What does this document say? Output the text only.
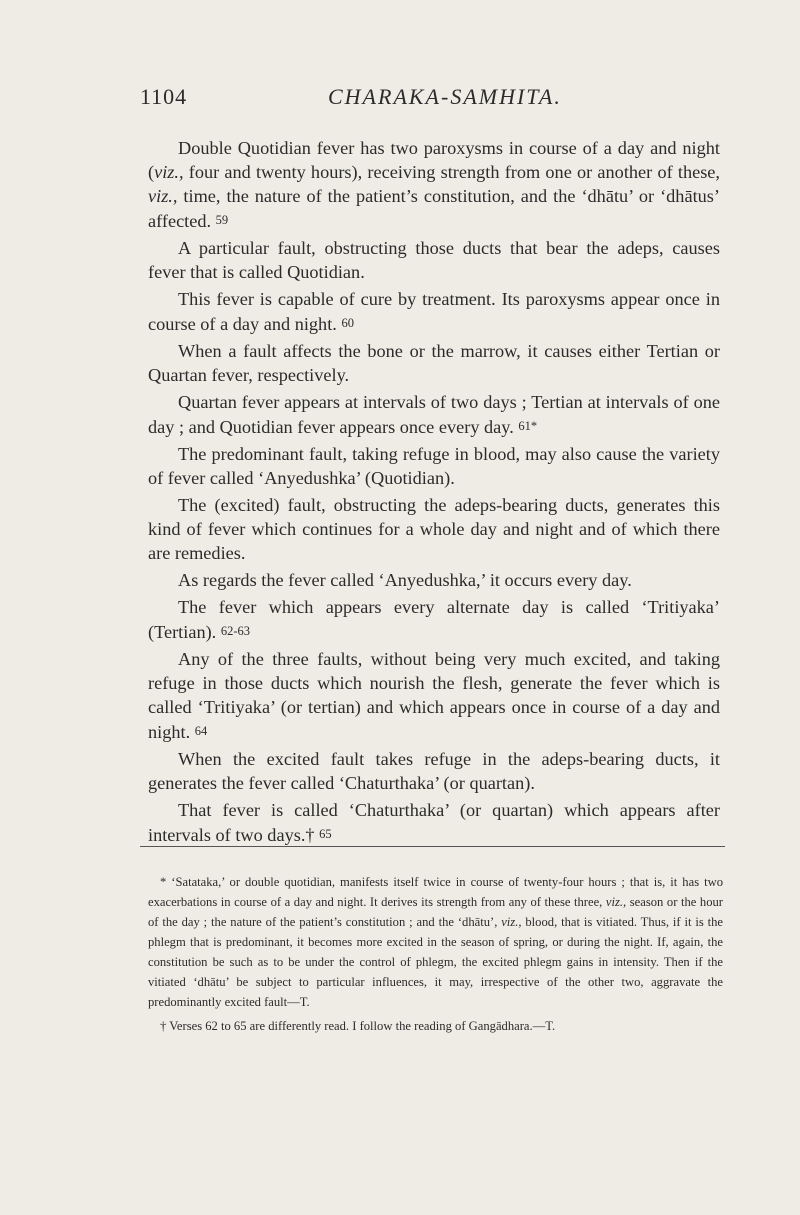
1104	CHARAKA-SAMHITA.

Double Quotidian fever has two paroxysms in course of a day and night (viz., four and twenty hours), receiving strength from one or another of these, viz., time, the nature of the patient’s constitution, and the ‘dhātu’ or ‘dhātus’ affected. 59

A particular fault, obstructing those ducts that bear the adeps, causes fever that is called Quotidian.

This fever is capable of cure by treatment. Its paroxysms appear once in course of a day and night. 60

When a fault affects the bone or the marrow, it causes either Tertian or Quartan fever, respectively.

Quartan fever appears at intervals of two days ; Tertian at intervals of one day ; and Quotidian fever appears once every day. 61*

The predominant fault, taking refuge in blood, may also cause the variety of fever called ‘Anyedushka’ (Quotidian).

The (excited) fault, obstructing the adeps-bearing ducts, generates this kind of fever which continues for a whole day and night and of which there are remedies.

As regards the fever called ‘Anyedushka,’ it occurs every day.

The fever which appears every alternate day is called ‘Tritiyaka’ (Tertian). 62-63

Any of the three faults, without being very much excited, and taking refuge in those ducts which nourish the flesh, generate the fever which is called ‘Tritiyaka’ (or tertian) and which appears once in course of a day and night. 64

When the excited fault takes refuge in the adeps-bearing ducts, it generates the fever called ‘Chaturthaka’ (or quartan).

That fever is called ‘Chaturthaka’ (or quartan) which appears after intervals of two days.† 65

* ‘Satataka,’ or double quotidian, manifests itself twice in course of twenty-four hours ; that is, it has two exacerbations in course of a day and night. It derives its strength from any of these three, viz., season or the hour of the day ; the nature of the patient’s constitution ; and the ‘dhātu’, viz., blood, that is vitiated. Thus, if it is the phlegm that is predominant, it becomes more excited in the season of spring, or during the night. If, again, the constitution be such as to be under the control of phlegm, the excited phlegm gains in intensity. Then if the vitiated ‘dhātu’ be subject to particular influences, it may, irrespective of the other two, aggravate the predominantly excited fault—T.

† Verses 62 to 65 are differently read. I follow the reading of Gangādhara.—T.
